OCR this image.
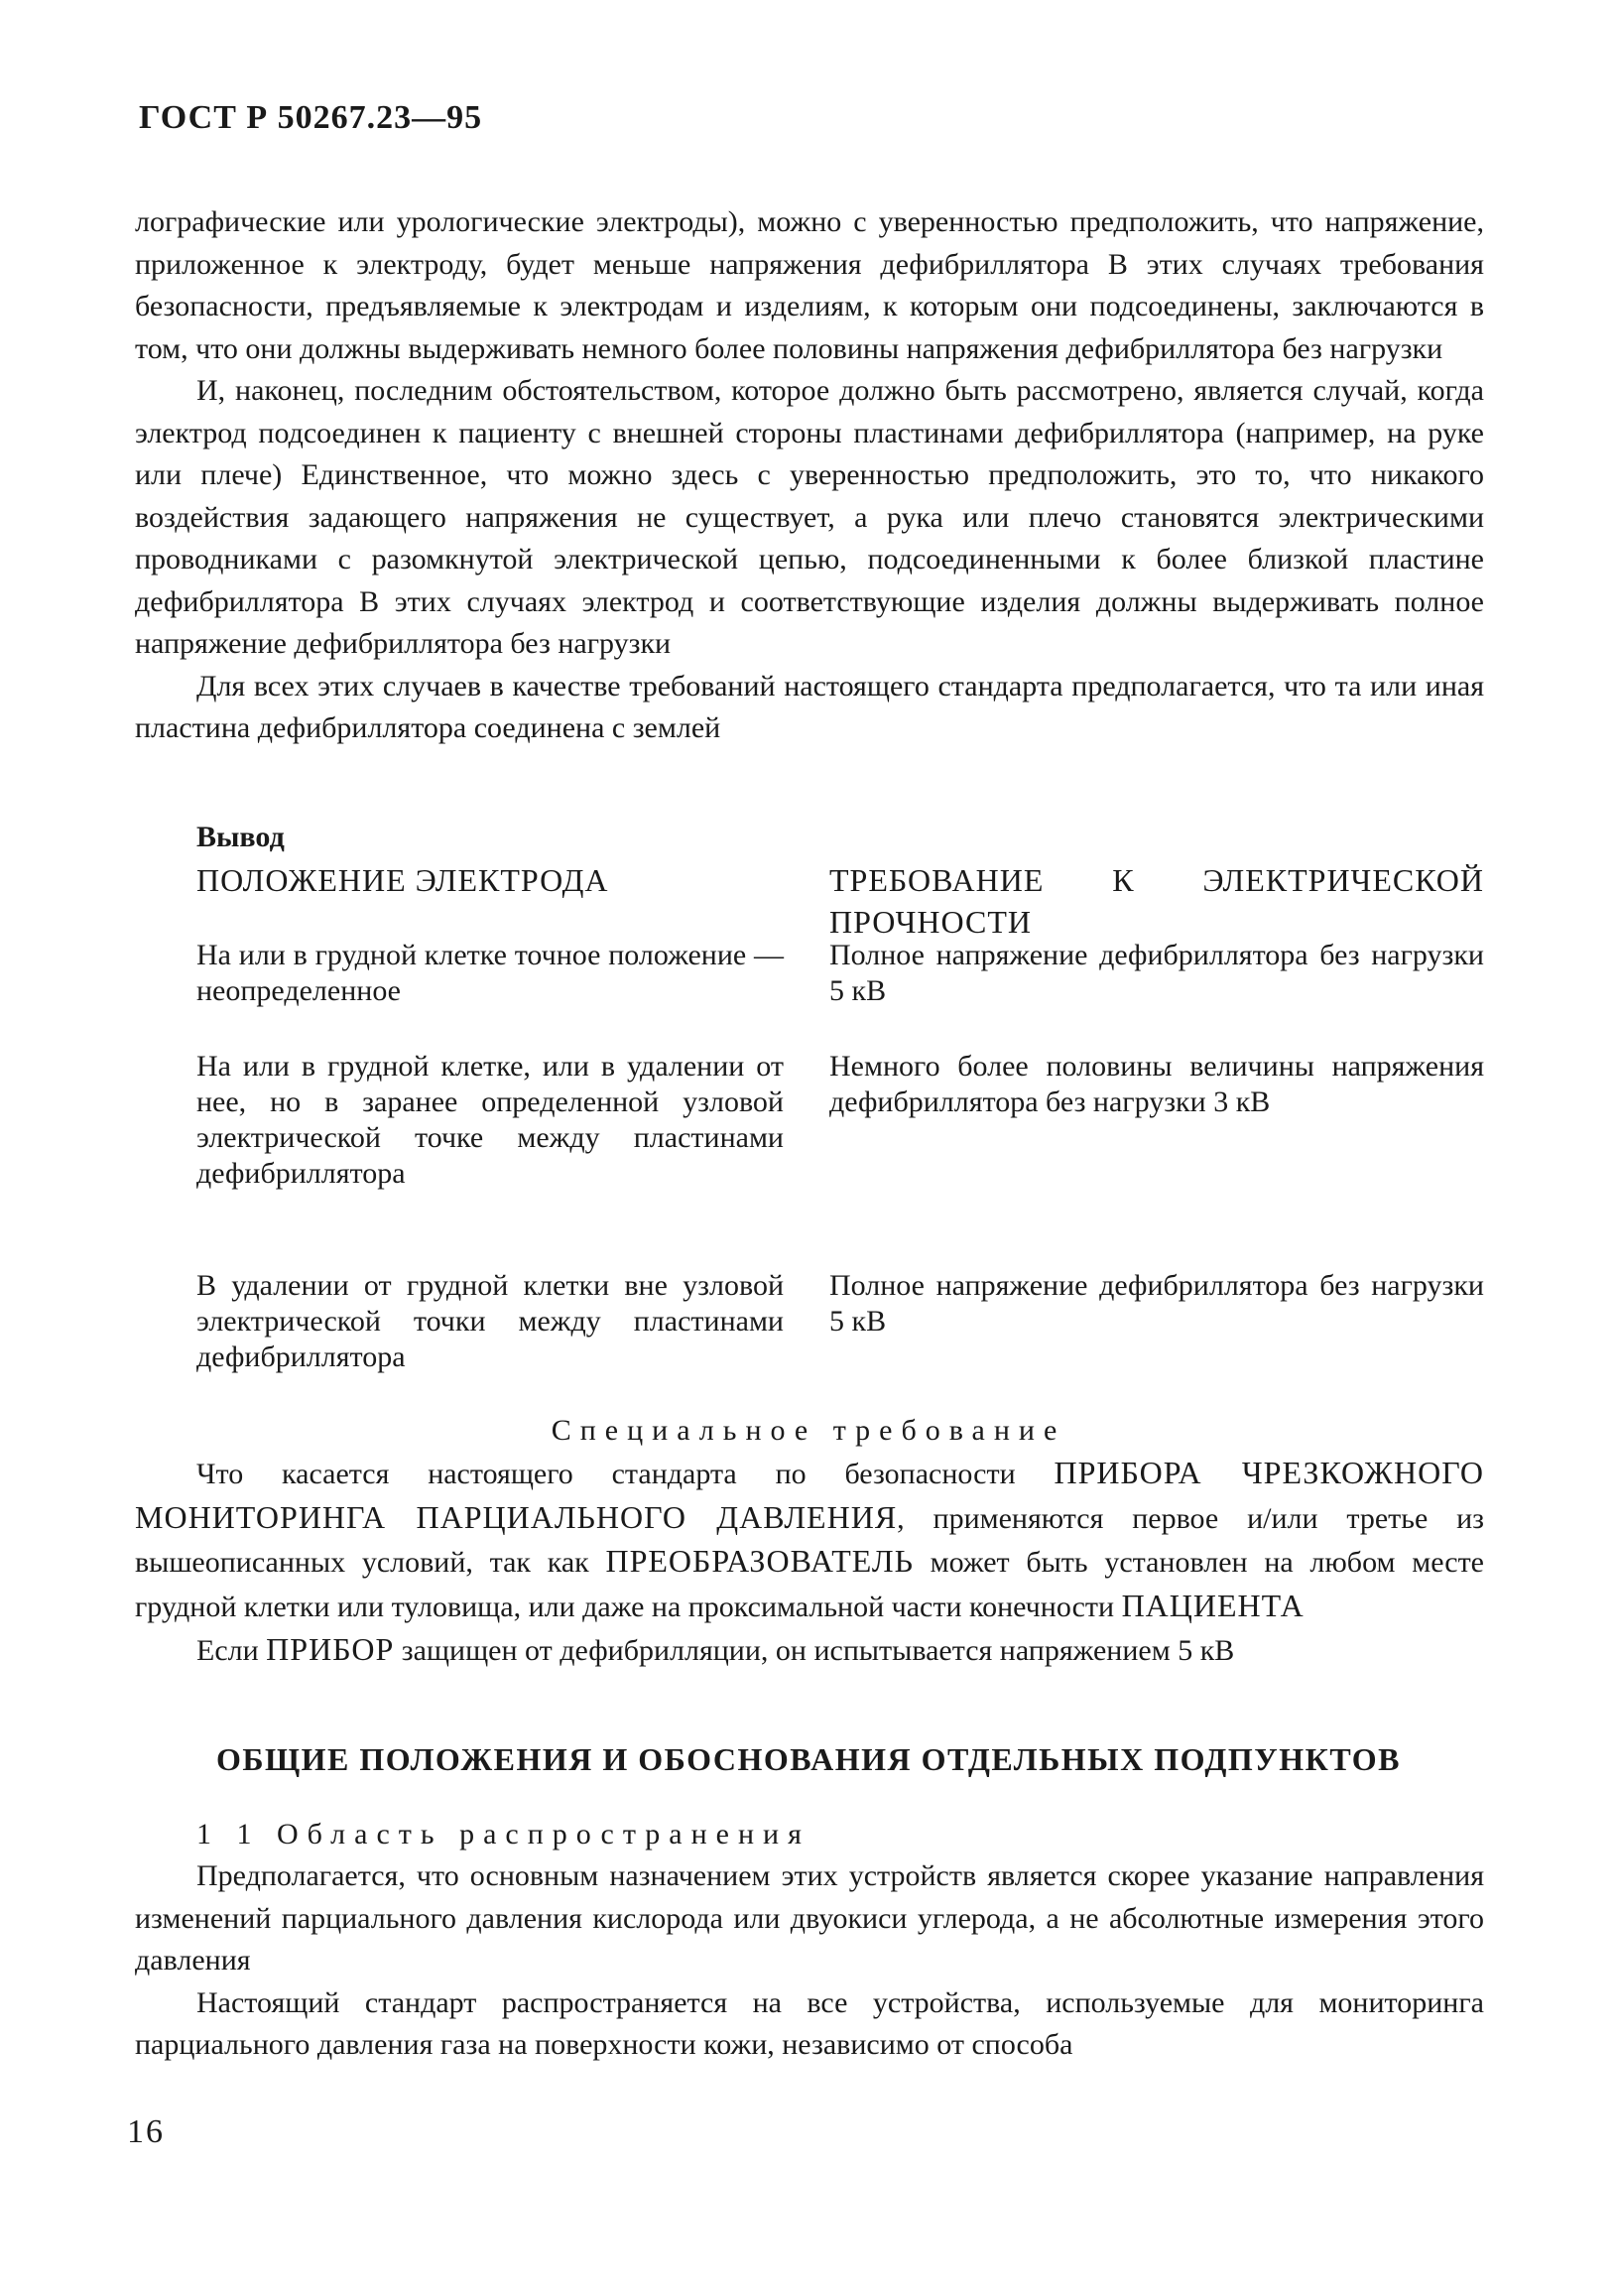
ГОСТ Р 50267.23—95

лографические или урологические электроды), можно с уверенностью предположить, что напряжение, приложенное к электроду, будет меньше напряжения дефибриллятора В этих случаях требования безопасности, предъявляемые к электродам и изделиям, к которым они подсоединены, заключаются в том, что они должны выдерживать немного более половины напряжения дефибриллятора без нагрузки

И, наконец, последним обстоятельством, которое должно быть рассмотрено, является случай, когда электрод подсоединен к пациенту с внешней стороны пластинами дефибриллятора (например, на руке или плече) Единственное, что можно здесь с уверенностью предположить, это то, что никакого воздействия задающего напряжения не существует, а рука или плечо становятся электрическими проводниками с разомкнутой электрической цепью, подсоединенными к более близкой пластине дефибриллятора В этих случаях электрод и соответствующие изделия должны выдерживать полное напряжение дефибриллятора без нагрузки

Для всех этих случаев в качестве требований настоящего стандарта предполагается, что та или иная пластина дефибриллятора соединена с землей

Вывод
ПОЛОЖЕНИЕ ЭЛЕКТРОДА	ТРЕБОВАНИЕ К ЭЛЕКТРИЧЕСКОЙ ПРОЧНОСТИ
На или в грудной клетке точное положение — неопределенное
Полное напряжение дефибриллятора без нагрузки 5 кВ
На или в грудной клетке, или в удалении от нее, но в заранее определенной узловой электрической точке между пластинами дефибриллятора
Немного более половины величины напряжения дефибриллятора без нагрузки 3 кВ
В удалении от грудной клетки вне узловой электрической точки между пластинами дефибриллятора
Полное напряжение дефибриллятора без нагрузки 5 кВ
Специальное требование

Что касается настоящего стандарта по безопасности ПРИБОРА ЧРЕЗКОЖНОГО МОНИТОРИНГА ПАРЦИАЛЬНОГО ДАВЛЕНИЯ, применяются первое и/или третье из вышеописанных условий, так как ПРЕОБРАЗОВАТЕЛЬ может быть установлен на любом месте грудной клетки или туловища, или даже на проксимальной части конечности ПАЦИЕНТА

Если ПРИБОР защищен от дефибрилляции, он испытывается напряжением 5 кВ

ОБЩИЕ ПОЛОЖЕНИЯ И ОБОСНОВАНИЯ ОТДЕЛЬНЫХ ПОДПУНКТОВ
1 1 Область распространения

Предполагается, что основным назначением этих устройств является скорее указание направления изменений парциального давления кислорода или двуокиси углерода, а не абсолютные измерения этого давления

Настоящий стандарт распространяется на все устройства, используемые для мониторинга парциального давления газа на поверхности кожи, независимо от способа

16
